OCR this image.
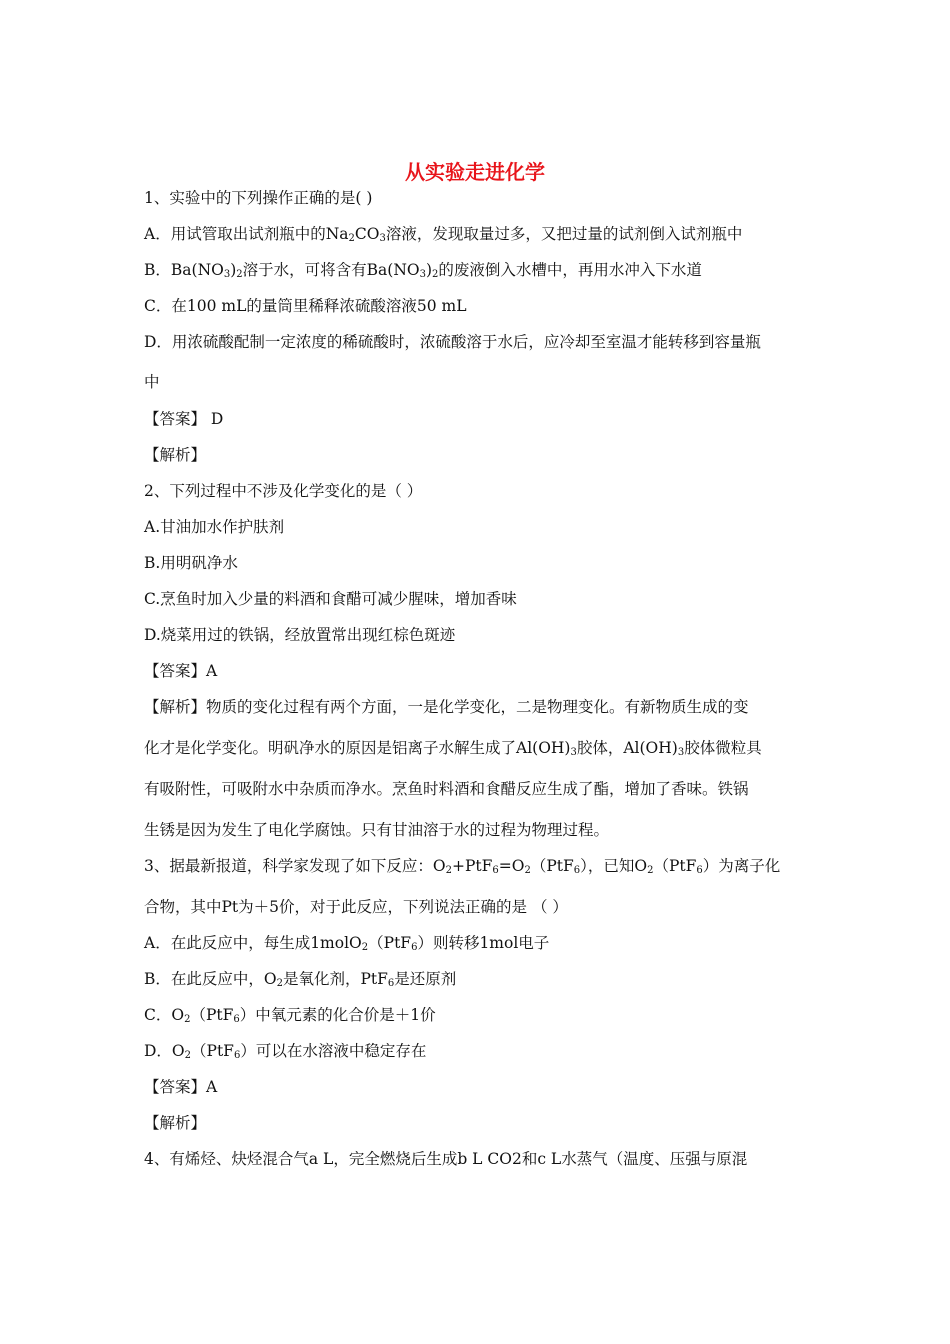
从实验走进化学
1、实验中的下列操作正确的是( )
A．用试管取出试剂瓶中的$Na_2CO_3$溶液，发现取量过多，又把过量的试剂倒入试剂瓶中
B．$Ba(NO_3)_2$溶于水，可将含有$Ba(NO_3)_2$的废液倒入水槽中，再用水冲入下水道
C．在100 mL的量筒里稀释浓硫酸溶液50 mL
D．用浓硫酸配制一定浓度的稀硫酸时，浓硫酸溶于水后，应冷却至室温才能转移到容量瓶
中
【答案】 D
【解析】
2、下列过程中不涉及化学变化的是（ ）
A.甘油加水作护肤剂
B.用明矾净水
C.烹鱼时加入少量的料酒和食醋可减少腥味，增加香味
D.烧菜用过的铁锅，经放置常出现红棕色斑迹
【答案】A
【解析】物质的变化过程有两个方面，一是化学变化，二是物理变化。有新物质生成的变
化才是化学变化。明矾净水的原因是铝离子水解生成了$Al(OH)_3$胶体，$Al(OH)_3$胶体微粒具
有吸附性，可吸附水中杂质而净水。烹鱼时料酒和食醋反应生成了酯，增加了香味。铁锅
生锈是因为发生了电化学腐蚀。只有甘油溶于水的过程为物理过程。
3、据最新报道，科学家发现了如下反应：$O_2+PtF_6=O_2(PtF_6)$，已知$O_2(PtF_6)$为离子化
合物，其中Pt为＋5价，对于此反应，下列说法正确的是 （ ）
A．在此反应中，每生成1molO$_2$（PtF$_6$）则转移1mol电子
B．在此反应中，$O_2$是氧化剂，PtF$_6$是还原剂
C．$O_2(PtF_6)$中氧元素的化合价是＋1价
D．$O_2(PtF_6)$可以在水溶液中稳定存在
【答案】A
【解析】
4、有烯烃、炔烃混合气a L，完全燃烧后生成b L CO2和c L水蒸气（温度、压强与原混
